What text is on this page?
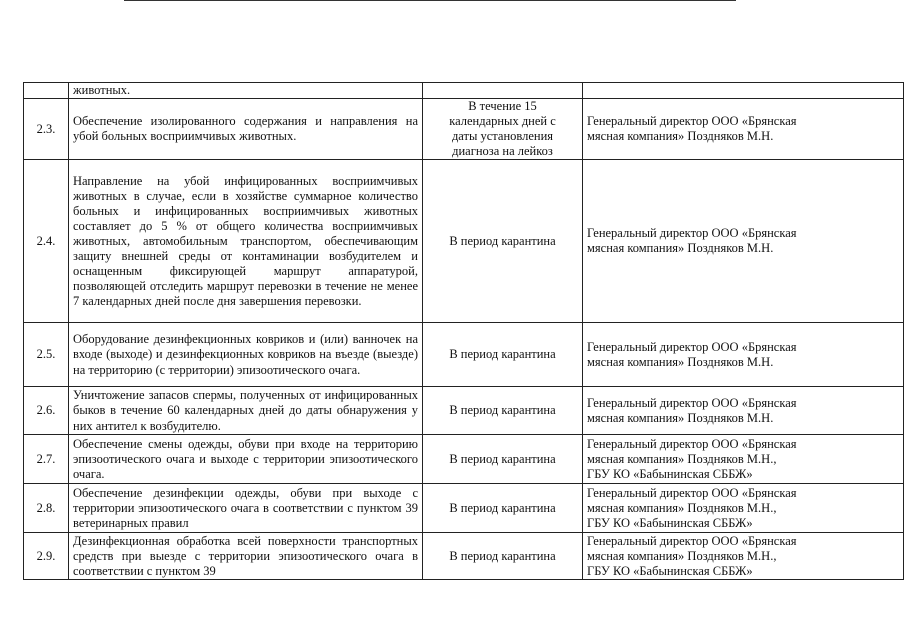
	животных.		

2.3.	Обеспечение изолированного содержания и направления на убой больных восприимчивых животных.	В течение 15
календарных дней с
даты установления
диагноза на лейкоз	Генеральный директор ООО «Брянская
мясная компания» Поздняков М.Н.

2.4.	Направление на убой инфицированных восприимчивых животных в случае, если в хозяйстве суммарное количество больных и инфицированных восприимчивых животных составляет до 5 % от общего количества восприимчивых животных, автомобильным транспортом, обеспечивающим защиту внешней среды от контаминации возбудителем и оснащенным фиксирующей маршрут аппаратурой, позволяющей отследить маршрут перевозки в течение не менее 7 календарных дней после дня завершения перевозки.	В период карантина	Генеральный директор ООО «Брянская
мясная компания» Поздняков М.Н.

2.5.	Оборудование дезинфекционных ковриков и (или) ванночек на входе (выходе) и дезинфекционных ковриков на въезде (выезде) на территорию (с территории) эпизоотического очага.	В период карантина	Генеральный директор ООО «Брянская
мясная компания» Поздняков М.Н.

2.6.	Уничтожение запасов спермы, полученных от инфицированных быков в течение 60 календарных дней до даты обнаружения у них антител к возбудителю.	В период карантина	Генеральный директор ООО «Брянская
мясная компания» Поздняков М.Н.

2.7.	Обеспечение смены одежды, обуви при входе на территорию эпизоотического очага и выходе с территории эпизоотического очага.	В период карантина	Генеральный директор ООО «Брянская
мясная компания» Поздняков М.Н.,
ГБУ КО «Бабынинская СББЖ»

2.8.	Обеспечение дезинфекции одежды, обуви при выходе с территории эпизоотического очага в соответствии с пунктом 39 ветеринарных правил	В период карантина	Генеральный директор ООО «Брянская
мясная компания» Поздняков М.Н.,
ГБУ КО «Бабынинская СББЖ»

2.9.	Дезинфекционная обработка всей поверхности транспортных средств при выезде с территории эпизоотического очага в соответствии с пунктом 39	В период карантина	Генеральный директор ООО «Брянская
мясная компания» Поздняков М.Н.,
ГБУ КО «Бабынинская СББЖ»
